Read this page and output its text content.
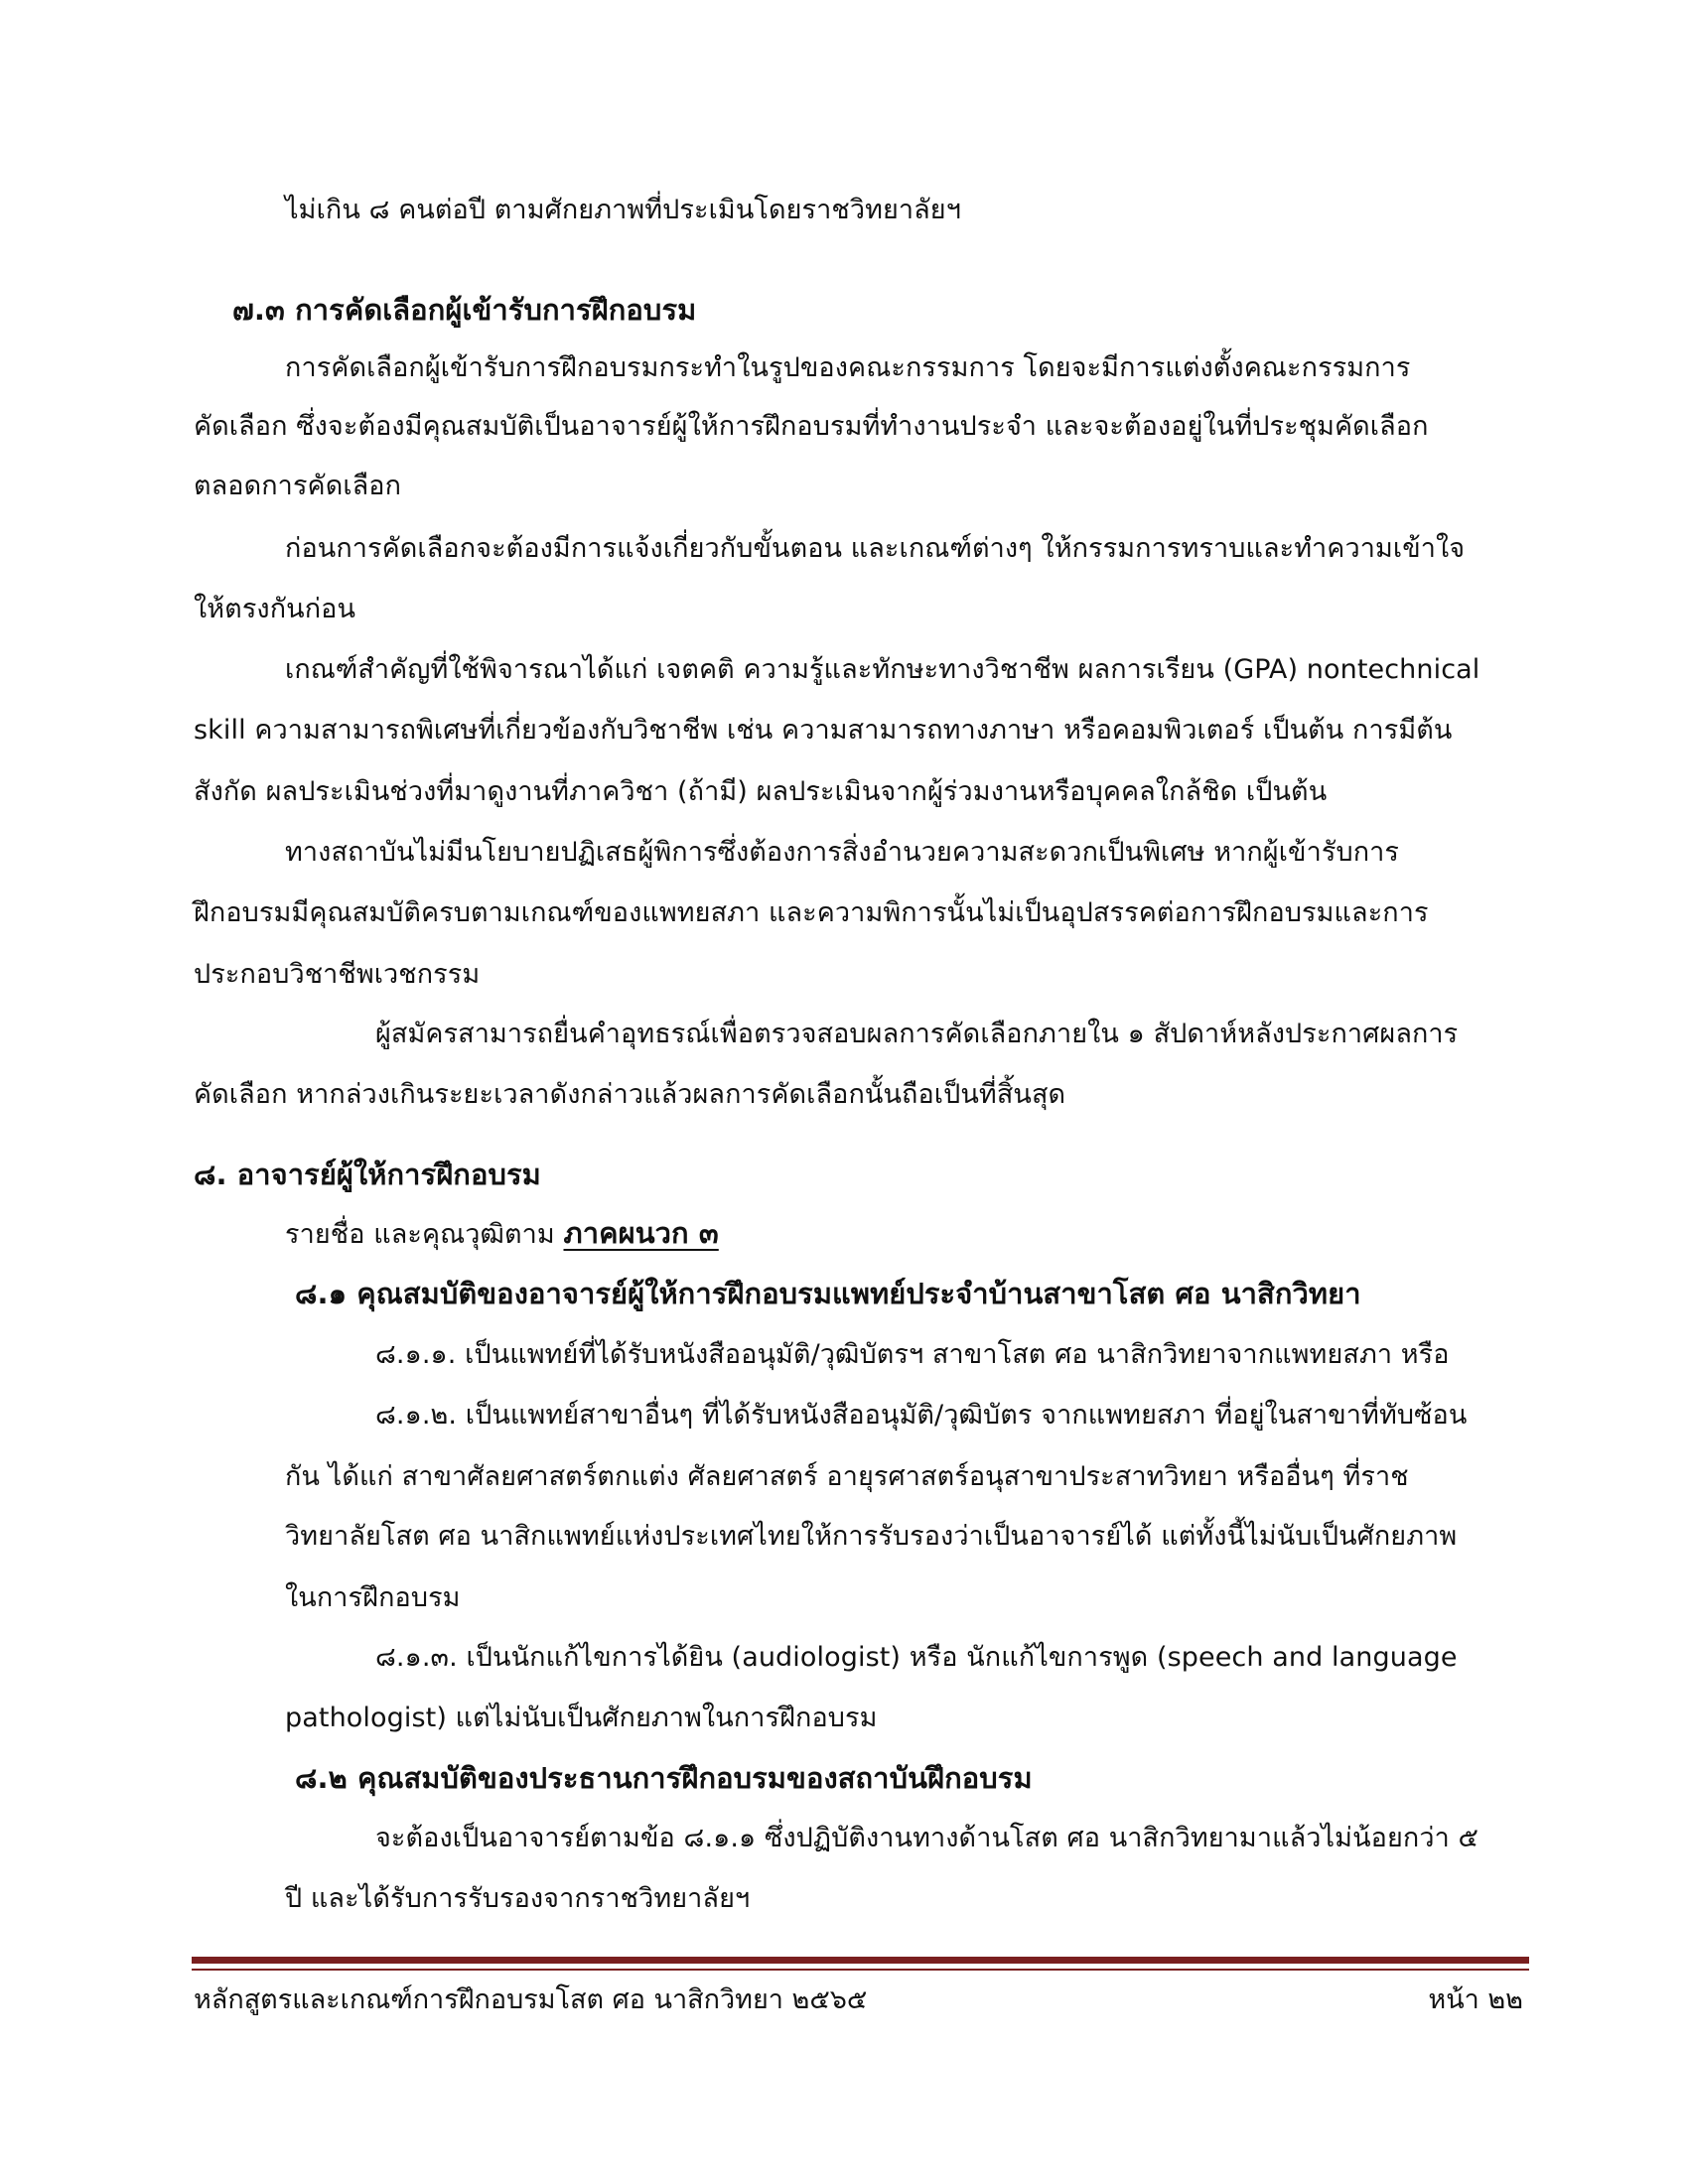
ไม่เกิน ๘ คนต่อปี ตามศักยภาพที่ประเมินโดยราชวิทยาลัยฯ
๗.๓ การคัดเลือกผู้เข้ารับการฝึกอบรม
การคัดเลือกผู้เข้ารับการฝึกอบรมกระทำในรูปของคณะกรรมการ โดยจะมีการแต่งตั้งคณะกรรมการ
คัดเลือก ซึ่งจะต้องมีคุณสมบัติเป็นอาจารย์ผู้ให้การฝึกอบรมที่ทำงานประจำ และจะต้องอยู่ในที่ประชุมคัดเลือก
ตลอดการคัดเลือก
ก่อนการคัดเลือกจะต้องมีการแจ้งเกี่ยวกับขั้นตอน และเกณฑ์ต่างๆ ให้กรรมการทราบและทำความเข้าใจ
ให้ตรงกันก่อน
เกณฑ์สำคัญที่ใช้พิจารณาได้แก่ เจตคติ ความรู้และทักษะทางวิชาชีพ ผลการเรียน (GPA) nontechnical
skill ความสามารถพิเศษที่เกี่ยวข้องกับวิชาชีพ เช่น ความสามารถทางภาษา หรือคอมพิวเตอร์ เป็นต้น การมีต้น
สังกัด ผลประเมินช่วงที่มาดูงานที่ภาควิชา (ถ้ามี) ผลประเมินจากผู้ร่วมงานหรือบุคคลใกล้ชิด เป็นต้น
ทางสถาบันไม่มีนโยบายปฏิเสธผู้พิการซึ่งต้องการสิ่งอำนวยความสะดวกเป็นพิเศษ หากผู้เข้ารับการ
ฝึกอบรมมีคุณสมบัติครบตามเกณฑ์ของแพทยสภา และความพิการนั้นไม่เป็นอุปสรรคต่อการฝึกอบรมและการ
ประกอบวิชาชีพเวชกรรม
ผู้สมัครสามารถยื่นคำอุทธรณ์เพื่อตรวจสอบผลการคัดเลือกภายใน ๑ สัปดาห์หลังประกาศผลการ
คัดเลือก หากล่วงเกินระยะเวลาดังกล่าวแล้วผลการคัดเลือกนั้นถือเป็นที่สิ้นสุด
๘. อาจารย์ผู้ให้การฝึกอบรม
รายชื่อ และคุณวุฒิตาม ภาคผนวก ๓
๘.๑ คุณสมบัติของอาจารย์ผู้ให้การฝึกอบรมแพทย์ประจำบ้านสาขาโสต ศอ นาสิกวิทยา
๘.๑.๑. เป็นแพทย์ที่ได้รับหนังสืออนุมัติ/วุฒิบัตรฯ สาขาโสต ศอ นาสิกวิทยาจากแพทยสภา หรือ
๘.๑.๒. เป็นแพทย์สาขาอื่นๆ ที่ได้รับหนังสืออนุมัติ/วุฒิบัตร จากแพทยสภา ที่อยู่ในสาขาที่ทับซ้อน
กัน ได้แก่ สาขาศัลยศาสตร์ตกแต่ง ศัลยศาสตร์ อายุรศาสตร์อนุสาขาประสาทวิทยา หรืออื่นๆ ที่ราช
วิทยาลัยโสต ศอ นาสิกแพทย์แห่งประเทศไทยให้การรับรองว่าเป็นอาจารย์ได้ แต่ทั้งนี้ไม่นับเป็นศักยภาพ
ในการฝึกอบรม
๘.๑.๓. เป็นนักแก้ไขการได้ยิน (audiologist) หรือ นักแก้ไขการพูด (speech and language
pathologist) แต่ไม่นับเป็นศักยภาพในการฝึกอบรม
๘.๒ คุณสมบัติของประธานการฝึกอบรมของสถาบันฝึกอบรม
จะต้องเป็นอาจารย์ตามข้อ ๘.๑.๑ ซึ่งปฏิบัติงานทางด้านโสต ศอ นาสิกวิทยามาแล้วไม่น้อยกว่า ๕
ปี และได้รับการรับรองจากราชวิทยาลัยฯ
หลักสูตรและเกณฑ์การฝึกอบรมโสต ศอ นาสิกวิทยา ๒๕๖๕	หน้า ๒๒
